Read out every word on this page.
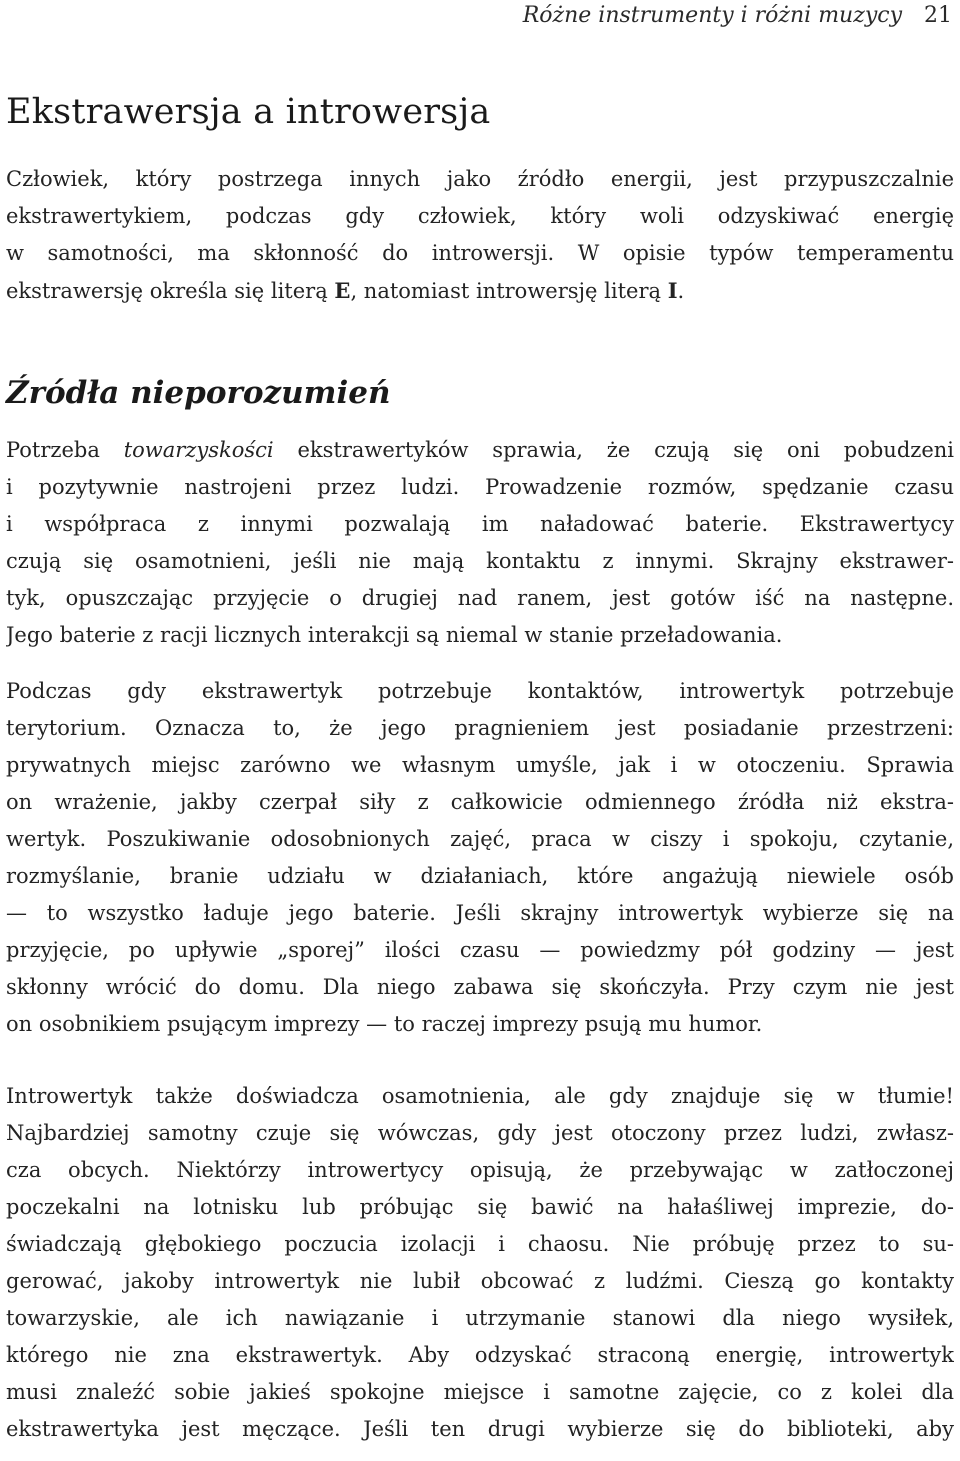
Różne instrumenty i różni muzycy 21
Ekstrawersja a introwersja

Człowiek, który postrzega innych jako źródło energii, jest przypuszczalnie
ekstrawertykiem, podczas gdy człowiek, który woli odzyskiwać energię
w samotności, ma skłonność do introwersji. W opisie typów temperamentu
ekstrawersję określa się literą E, natomiast introwersję literą I.

Źródła nieporozumień

Potrzeba towarzyskości ekstrawertyków sprawia, że czują się oni pobudzeni
i pozytywnie nastrojeni przez ludzi. Prowadzenie rozmów, spędzanie czasu
i współpraca z innymi pozwalają im naładować baterie. Ekstrawertycy
czują się osamotnieni, jeśli nie mają kontaktu z innymi. Skrajny ekstrawer-
tyk, opuszczając przyjęcie o drugiej nad ranem, jest gotów iść na następne.
Jego baterie z racji licznych interakcji są niemal w stanie przeładowania.

Podczas gdy ekstrawertyk potrzebuje kontaktów, introwertyk potrzebuje
terytorium. Oznacza to, że jego pragnieniem jest posiadanie przestrzeni:
prywatnych miejsc zarówno we własnym umyśle, jak i w otoczeniu. Sprawia
on wrażenie, jakby czerpał siły z całkowicie odmiennego źródła niż ekstra-
wertyk. Poszukiwanie odosobnionych zajęć, praca w ciszy i spokoju, czytanie,
rozmyślanie, branie udziału w działaniach, które angażują niewiele osób
— to wszystko ładuje jego baterie. Jeśli skrajny introwertyk wybierze się na
przyjęcie, po upływie „sporej” ilości czasu — powiedzmy pół godziny — jest
skłonny wrócić do domu. Dla niego zabawa się skończyła. Przy czym nie jest
on osobnikiem psującym imprezy — to raczej imprezy psują mu humor.

Introwertyk także doświadcza osamotnienia, ale gdy znajduje się w tłumie!
Najbardziej samotny czuje się wówczas, gdy jest otoczony przez ludzi, zwłasz-
cza obcych. Niektórzy introwertycy opisują, że przebywając w zatłoczonej
poczekalni na lotnisku lub próbując się bawić na hałaśliwej imprezie, do-
świadczają głębokiego poczucia izolacji i chaosu. Nie próbuję przez to su-
gerować, jakoby introwertyk nie lubił obcować z ludźmi. Cieszą go kontakty
towarzyskie, ale ich nawiązanie i utrzymanie stanowi dla niego wysiłek,
którego nie zna ekstrawertyk. Aby odzyskać straconą energię, introwertyk
musi znaleźć sobie jakieś spokojne miejsce i samotne zajęcie, co z kolei dla
ekstrawertyka jest męczące. Jeśli ten drugi wybierze się do biblioteki, aby
